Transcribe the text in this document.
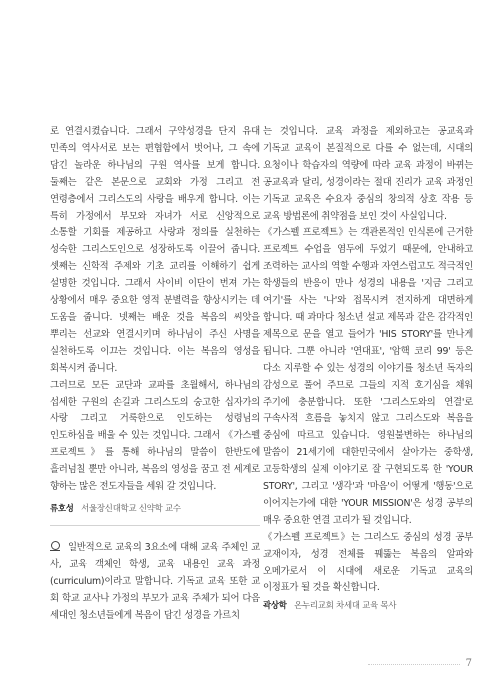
로 연결시켰습니다. 그래서 구약성경을 단지 유대 민족의 역사서로 보는 편협함에서 벗어나, 그 속에 담긴 놀라운 하나님의 구원 역사를 보게 합니다. 둘째는 같은 본문으로 교회와 가정 그리고 전 연령층에서 그리스도의 사랑을 배우게 합니다. 이는 특히 가정에서 부모와 자녀가 서로 신앙적으로 소통할 기회를 제공하고 사랑과 정의를 실천하는 성숙한 그리스도인으로 성장하도록 이끌어 줍니다. 셋째는 신학적 주제와 기초 교리를 이해하기 쉽게 설명한 것입니다. 그래서 사이비 이단이 번져 가는 상황에서 매우 중요한 영적 분별력을 향상시키는 데 도움을 줍니다. 넷째는 배운 것을 복음의 씨앗을 뿌리는 선교와 연결시키며 하나님이 주신 사명을 실천하도록 이끄는 것입니다. 이는 복음의 영성을 회복시켜 줍니다.

그러므로 모든 교단과 교파를 초월해서, 하나님의 섭세한 구원의 손길과 그리스도의 숭고한 십자가의 사랑 그리고 거룩한으로 인도하는 성령님의 인도하심을 배울 수 있는 것입니다. 그래서 《가스펠 프로젝트》를 통해 하나님의 말씀이 한반도에 흘러넘칠 뿐만 아니라, 복음의 영성을 꿈고 전 세계로 향하는 많은 전도자들을 세워 갈 것입니다.

류호성 서울장신대학교 신약학 교수

일반적으로 교육의 3요소에 대해 교육 주체인 교사, 교육 객체인 학생, 교육 내용인 교육 과정(curriculum)이라고 말합니다. 기독교 교육 또한 교회 학교 교사나 가정의 부모가 교육 주체가 되어 다음 세대인 청소년들에게 복음이 담긴 성경을 가르치

는 것입니다. 교육 과정을 제외하고는 공교육과 기독교 교육이 본질적으로 다를 수 없는데, 시대의 요청이나 학습자의 역량에 따라 교육 과정이 바뀌는 공교육과 달리, 성경이라는 절대 진리가 교육 과정인 기독교 교육은 수요자 중심의 창의적 상호 작용 등 교육 방법론에 취약점을 보인 것이 사실입니다.

《가스펠 프로젝트》는 객관론적인 인식론에 근거한 프로젝트 수업을 염두에 두었기 때문에, 안내하고 조력하는 교사의 역할 수행과 자연스럽고도 적극적인 학생들의 반응이 만나 성경의 내용을 '지금 그리고 여기'를 사는 '나'와 접목시켜 전지하게 대면하게 합니다. 때 과마다 청소년 설교 제목과 같은 감각적인 제목으로 문을 열고 들어가 'HIS STORY'를 만나게 됩니다. 그뿐 아니라 '연대표', '암핵 코리 99' 등은 다소 지루할 수 있는 성경의 이야기를 청소년 독자의 감성으로 풀어 주므로 그들의 지적 호기심을 채워 주기에 충분합니다. 또한 '그리스도와의 연결'로 구속사적 흐름을 놓치지 않고 그리스도와 복음을 중심에 따르고 있습니다. 영원불변하는 하나님의 말씀이 21세기에 대한민국에서 살아가는 중학생, 고등학생의 실제 이야기로 잘 구현되도록 한 'YOUR STORY', 그리고 '생각'과 '마음'이 어떻게 '행동'으로 이어지는가에 대한 'YOUR MISSION'은 성경 공부의 매우 중요한 연결 고리가 될 것입니다.

《가스펠 프로젝트》는 그리스도 중심의 성경 공부 교재이자, 성경 전체를 꿰뚫는 복음의 알파와 오메가로서 이 시대에 새로운 기독교 교육의 이정표가 될 것을 확신합니다.

곽상학 온누리교회 차세대 교육 목사
7
